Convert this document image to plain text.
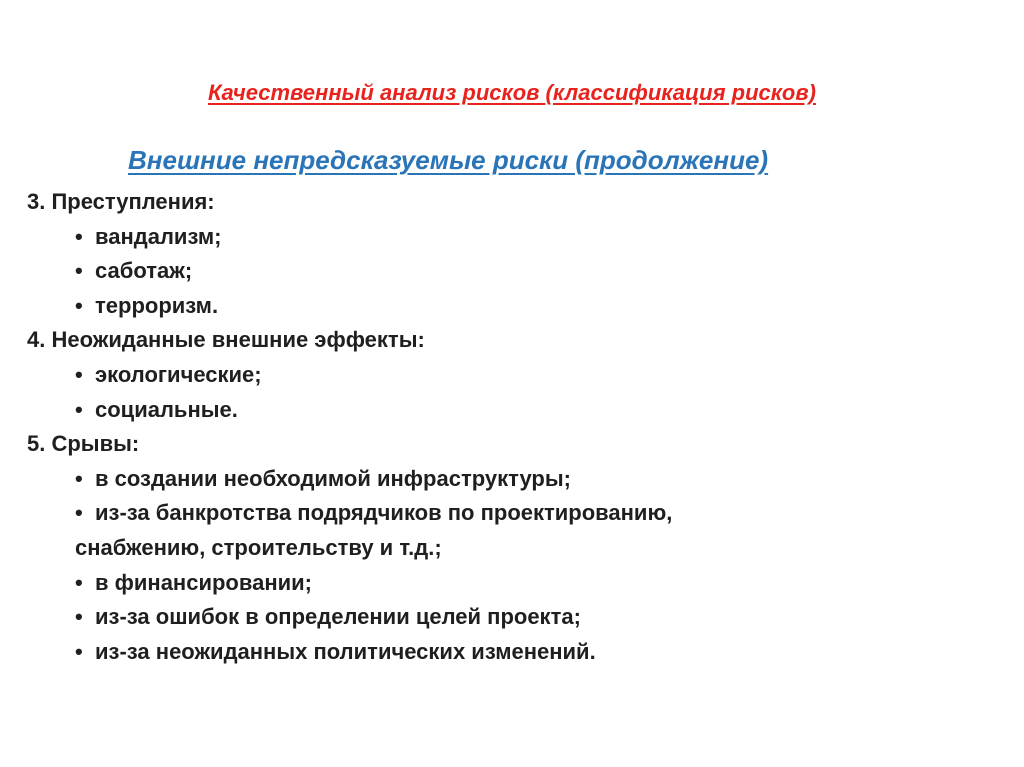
Качественный анализ рисков (классификация рисков)
Внешние непредсказуемые риски (продолжение)
3. Преступления:
• вандализм;
• саботаж;
• терроризм.
4. Неожиданные внешние эффекты:
• экологические;
• социальные.
5. Срывы:
• в создании необходимой инфраструктуры;
• из-за банкротства подрядчиков по проектированию,
снабжению, строительству и т.д.;
• в финансировании;
• из-за ошибок в определении целей проекта;
• из-за неожиданных политических изменений.
